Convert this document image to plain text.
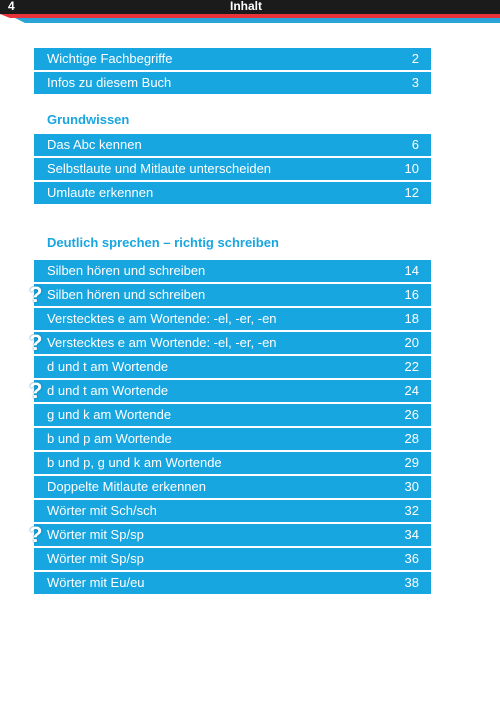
4	Inhalt
Wichtige Fachbegriffe	2
Infos zu diesem Buch	3
Grundwissen
Das Abc kennen	6
Selbstlaute und Mitlaute unterscheiden	10
Umlaute erkennen	12
Deutlich sprechen – richtig schreiben
Silben hören und schreiben	14
? Silben hören und schreiben	16
Verstecktes e am Wortende: -el, -er, -en	18
? Verstecktes e am Wortende: -el, -er, -en	20
d und t am Wortende	22
? d und t am Wortende	24
g und k am Wortende	26
b und p am Wortende	28
b und p, g und k am Wortende	29
Doppelte Mitlaute erkennen	30
Wörter mit Sch/sch	32
? Wörter mit Sp/sp	34
Wörter mit Sp/sp	36
Wörter mit Eu/eu	38
